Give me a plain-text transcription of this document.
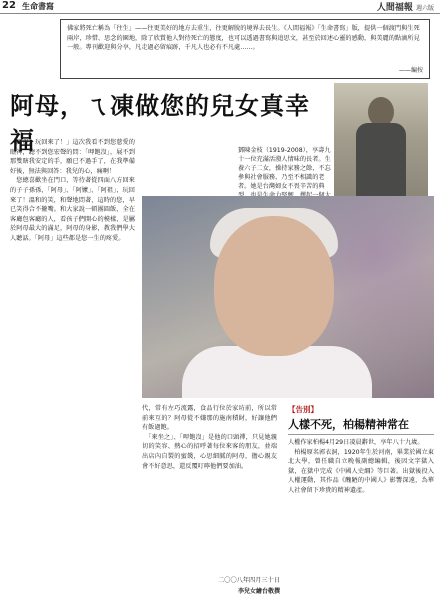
22 生命書寫	人間福報 週六版
佛家將死亡稱為「往生」——往更美好的地方去重生，往更解脫的境界去長生。《人間福報》「生命書寫」版，提供一個渡門與生死兩岸，珍惜、思念的園地，除了欣賞他人對待死亡的態度，也可以透過書寫與追思文，甚至於回述心靈的感動，與美麗的點滴所見一般。專刊歡迎與分享，凡走過必留痕跡，千凡人也必有不凡處……。
——編按
阿母，ㄟ凍做您的兒女真幸福	鄧陳金枝（1919-2008），享壽九十一位充滿活潑人情味的長者。生養六子二女，操持家務之餘，不忘參與社會服務，乃至不相識的老者。她是台灣婦女不畏辛苦的典
「阿母，玩回來了！」這次我看不到您慈愛的眼神，聽不到您宏聲的問：「呷飽沒」，展不到那雙瞎我安定的手，願已不過手了，在我準備好後，無法與回答：我兒的心，痛啊！
　您總喜歡坐在門口，等待著從四面八方回來的子子孫孫，「阿母」、「阿嬤」、「阿祖」，玩回來了！溫和的笑，和聲地問著，這時的您，早已笑得合不攏嘴。和大家說一頓團圓飯，全在客廳包客廳的人，看孩子們開心的模樣，是屬於阿母最大的滿足，阿母的身影，教我們學大人聽話。「阿母」這些都是您一生的疼愛。
代，常有左巧流露，食品行位於家坊前，所以常前來互的？阿母從不嫌那的施南積財，好讓他們有飯過飽。
　「來坐之」、「呷飽沒」是他的口頭禪，只見她親切的笑容、熱心的招呼著每位來客的朋友，並端出店內自製的蜜餞，心思細膩的阿母，擔心親友會不好意思，還反覆叮嚀他們要加油。
二〇〇八年四月三十日
李兒女繪台敬撰
【告別】
人樣不死，柏楊精神常在
人權作家柏楊4月29日凌晨辭世，享年八十九歲。
　柏楊原名郭衣洞，1920年生於河南，畢業於國立東北大學，曾任職自立晚報副總編輯，後因文字獄入獄，在獄中完成《中國人史綱》等巨著。出獄後投入人權運動，其作品《醜陋的中國人》影響深遠，為華人社會留下珍貴的精神遺產。
